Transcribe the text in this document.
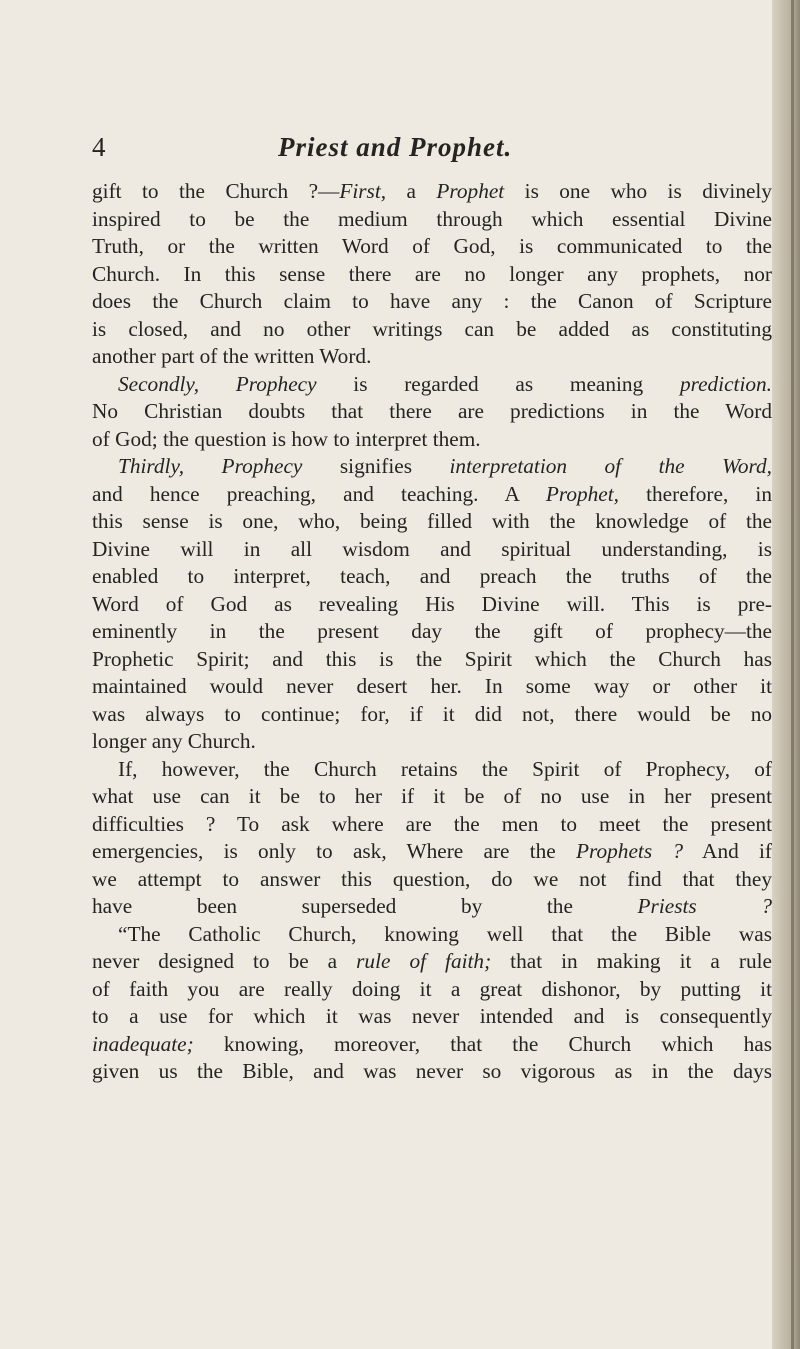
4	Priest and Prophet.
gift to the Church ?—First, a Prophet is one who is divinely
inspired to be the medium through which essential Divine
Truth, or the written Word of God, is communicated to the
Church. In this sense there are no longer any prophets, nor
does the Church claim to have any : the Canon of Scripture
is closed, and no other writings can be added as constituting
another part of the written Word.
Secondly, Prophecy is regarded as meaning prediction.
No Christian doubts that there are predictions in the Word
of God; the question is how to interpret them.
Thirdly, Prophecy signifies interpretation of the Word,
and hence preaching, and teaching. A Prophet, therefore, in
this sense is one, who, being filled with the knowledge of the
Divine will in all wisdom and spiritual understanding, is
enabled to interpret, teach, and preach the truths of the
Word of God as revealing His Divine will. This is pre-
eminently in the present day the gift of prophecy—the
Prophetic Spirit; and this is the Spirit which the Church has
maintained would never desert her. In some way or other it
was always to continue; for, if it did not, there would be no
longer any Church.
If, however, the Church retains the Spirit of Prophecy, of
what use can it be to her if it be of no use in her present
difficulties ? To ask where are the men to meet the present
emergencies, is only to ask, Where are the Prophets ? And if
we attempt to answer this question, do we not find that they
have been superseded by the Priests ?
“The Catholic Church, knowing well that the Bible was
never designed to be a rule of faith; that in making it a rule
of faith you are really doing it a great dishonor, by putting it
to a use for which it was never intended and is consequently
inadequate; knowing, moreover, that the Church which has
given us the Bible, and was never so vigorous as in the days
